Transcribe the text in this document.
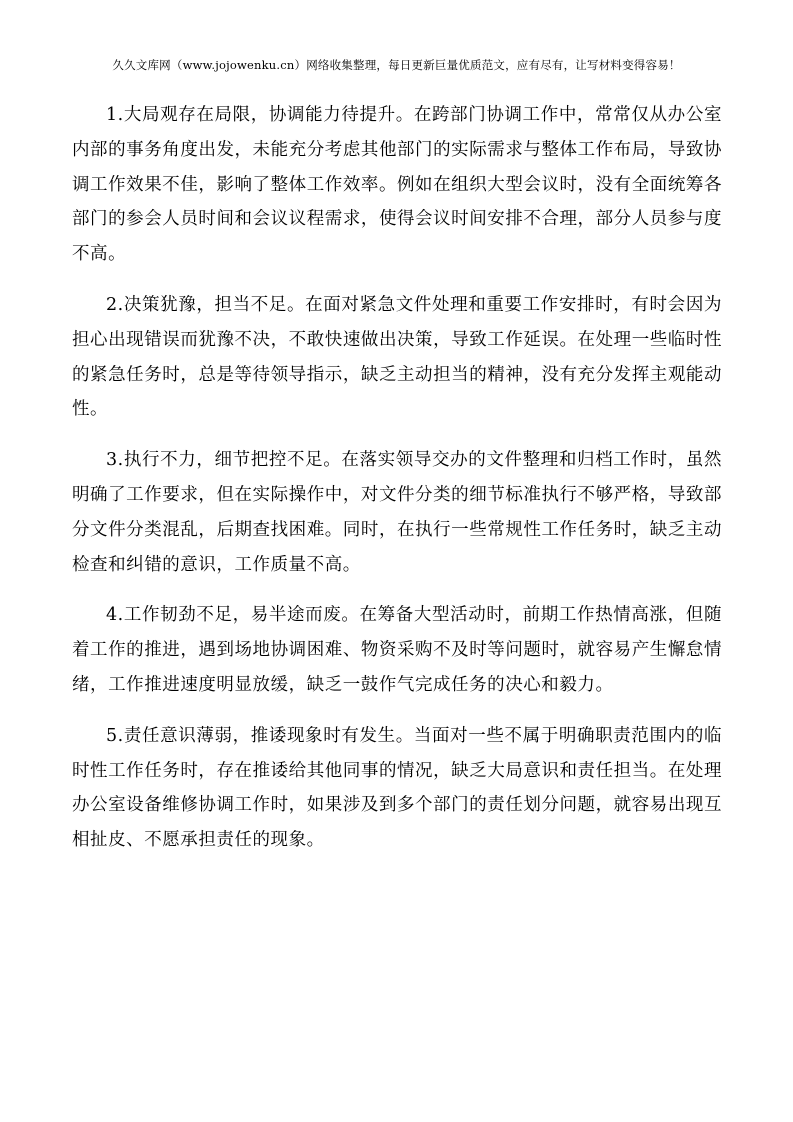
久久文库网（www.jojowenku.cn）网络收集整理，每日更新巨量优质范文，应有尽有，让写材料变得容易！

1.大局观存在局限，协调能力待提升。在跨部门协调工作中，常常仅从办公室内部的事务角度出发，未能充分考虑其他部门的实际需求与整体工作布局，导致协调工作效果不佳，影响了整体工作效率。例如在组织大型会议时，没有全面统筹各部门的参会人员时间和会议议程需求，使得会议时间安排不合理，部分人员参与度不高。

2.决策犹豫，担当不足。在面对紧急文件处理和重要工作安排时，有时会因为担心出现错误而犹豫不决，不敢快速做出决策，导致工作延误。在处理一些临时性的紧急任务时，总是等待领导指示，缺乏主动担当的精神，没有充分发挥主观能动性。

3.执行不力，细节把控不足。在落实领导交办的文件整理和归档工作时，虽然明确了工作要求，但在实际操作中，对文件分类的细节标准执行不够严格，导致部分文件分类混乱，后期查找困难。同时，在执行一些常规性工作任务时，缺乏主动检查和纠错的意识，工作质量不高。

4.工作韧劲不足，易半途而废。在筹备大型活动时，前期工作热情高涨，但随着工作的推进，遇到场地协调困难、物资采购不及时等问题时，就容易产生懈怠情绪，工作推进速度明显放缓，缺乏一鼓作气完成任务的决心和毅力。

5.责任意识薄弱，推诿现象时有发生。当面对一些不属于明确职责范围内的临时性工作任务时，存在推诿给其他同事的情况，缺乏大局意识和责任担当。在处理办公室设备维修协调工作时，如果涉及到多个部门的责任划分问题，就容易出现互相扯皮、不愿承担责任的现象。
